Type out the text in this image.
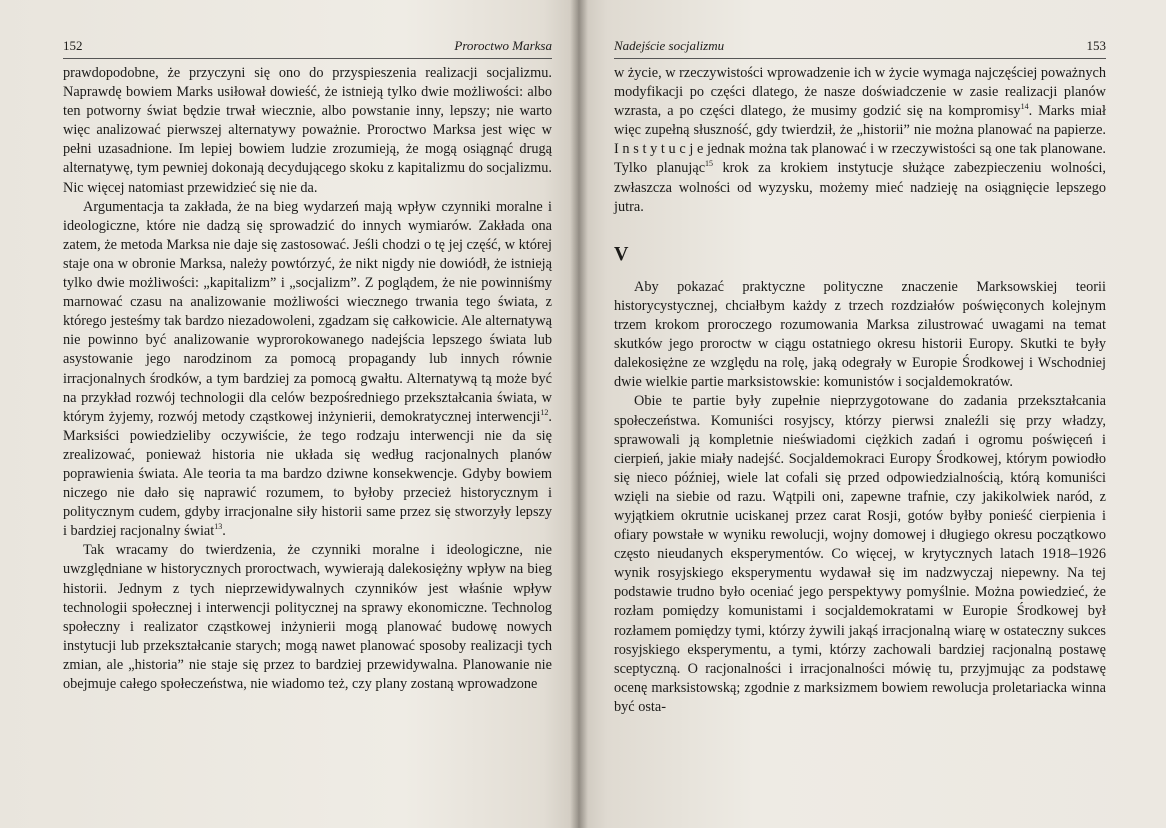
152	Proroctwo Marksa

prawdopodobne, że przyczyni się ono do przyspieszenia realizacji socjalizmu. Naprawdę bowiem Marks usiłował dowieść, że istnieją tylko dwie możliwości: albo ten potworny świat będzie trwał wiecznie, albo powstanie inny, lepszy; nie warto więc analizować pierwszej alternatywy poważnie. Proroctwo Marksa jest więc w pełni uzasadnione. Im lepiej bowiem ludzie zrozumieją, że mogą osiągnąć drugą alternatywę, tym pewniej dokonają decydującego skoku z kapitalizmu do socjalizmu. Nic więcej natomiast przewidzieć się nie da.

Argumentacja ta zakłada, że na bieg wydarzeń mają wpływ czynniki moralne i ideologiczne, które nie dadzą się sprowadzić do innych wymiarów. Zakłada ona zatem, że metoda Marksa nie daje się zastosować. Jeśli chodzi o tę jej część, w której staje ona w obronie Marksa, należy powtórzyć, że nikt nigdy nie dowiódł, że istnieją tylko dwie możliwości: „kapitalizm” i „socjalizm”. Z poglądem, że nie powinniśmy marnować czasu na analizowanie możliwości wiecznego trwania tego świata, z którego jesteśmy tak bardzo niezadowoleni, zgadzam się całkowicie. Ale alternatywą nie powinno być analizowanie wyprorokowanego nadejścia lepszego świata lub asystowanie jego narodzinom za pomocą propagandy lub innych równie irracjonalnych środków, a tym bardziej za pomocą gwałtu. Alternatywą tą może być na przykład rozwój technologii dla celów bezpośredniego przekształcania świata, w którym żyjemy, rozwój metody cząstkowej inżynierii, demokratycznej interwencji$^{12}$. Marksiści powiedzieliby oczywiście, że tego rodzaju interwencji nie da się zrealizować, ponieważ historia nie układa się według racjonalnych planów poprawienia świata. Ale teoria ta ma bardzo dziwne konsekwencje. Gdyby bowiem niczego nie dało się naprawić rozumem, to byłoby przecież historycznym i politycznym cudem, gdyby irracjonalne siły historii same przez się stworzyły lepszy i bardziej racjonalny świat$^{13}$.

Tak wracamy do twierdzenia, że czynniki moralne i ideologiczne, nie uwzględniane w historycznych proroctwach, wywierają dalekosiężny wpływ na bieg historii. Jednym z tych nieprzewidywalnych czynników jest właśnie wpływ technologii społecznej i interwencji politycznej na sprawy ekonomiczne. Technolog społeczny i realizator cząstkowej inżynierii mogą planować budowę nowych instytucji lub przekształcanie starych; mogą nawet planować sposoby realizacji tych zmian, ale „historia” nie staje się przez to bardziej przewidywalna. Planowanie nie obejmuje całego społeczeństwa, nie wiadomo też, czy plany zostaną wprowadzone

Nadejście socjalizmu	153

w życie, w rzeczywistości wprowadzenie ich w życie wymaga najczęściej poważnych modyfikacji po części dlatego, że nasze doświadczenie w zasie realizacji planów wzrasta, a po części dlatego, że musimy godzić się na kompromisy$^{14}$. Marks miał więc zupełną słuszność, gdy twierdził, że „historii” nie można planować na papierze. I n s t y t u c j e jednak można tak planować i w rzeczywistości są one tak planowane. Tylko planując$^{15}$ krok za krokiem instytucje służące zabezpieczeniu wolności, zwłaszcza wolności od wyzysku, możemy mieć nadzieję na osiągnięcie lepszego jutra.

V

Aby pokazać praktyczne polityczne znaczenie Marksowskiej teorii historycystycznej, chciałbym każdy z trzech rozdziałów poświęconych kolejnym trzem krokom proroczego rozumowania Marksa zilustrować uwagami na temat skutków jego proroctw w ciągu ostatniego okresu historii Europy. Skutki te były dalekosiężne ze względu na rolę, jaką odegrały w Europie Środkowej i Wschodniej dwie wielkie partie marksistowskie: komunistów i socjaldemokratów.

Obie te partie były zupełnie nieprzygotowane do zadania przekształcania społeczeństwa. Komuniści rosyjscy, którzy pierwsi znaleźli się przy władzy, sprawowali ją kompletnie nieświadomi ciężkich zadań i ogromu poświęceń i cierpień, jakie miały nadejść. Socjaldemokraci Europy Środkowej, którym powiodło się nieco później, wiele lat cofali się przed odpowiedzialnością, którą komuniści wzięli na siebie od razu. Wątpili oni, zapewne trafnie, czy jakikolwiek naród, z wyjątkiem okrutnie uciskanej przez carat Rosji, gotów byłby ponieść cierpienia i ofiary powstałe w wyniku rewolucji, wojny domowej i długiego okresu początkowo często nieudanych eksperymentów. Co więcej, w krytycznych latach 1918–1926 wynik rosyjskiego eksperymentu wydawał się im nadzwyczaj niepewny. Na tej podstawie trudno było oceniać jego perspektywy pomyślnie. Można powiedzieć, że rozłam pomiędzy komunistami i socjaldemokratami w Europie Środkowej był rozłamem pomiędzy tymi, którzy żywili jakąś irracjonalną wiarę w ostateczny sukces rosyjskiego eksperymentu, a tymi, którzy zachowali bardziej racjonalną postawę sceptyczną. O racjonalności i irracjonalności mówię tu, przyjmując za podstawę ocenę marksistowską; zgodnie z marksizmem bowiem rewolucja proletariacka winna być osta-
